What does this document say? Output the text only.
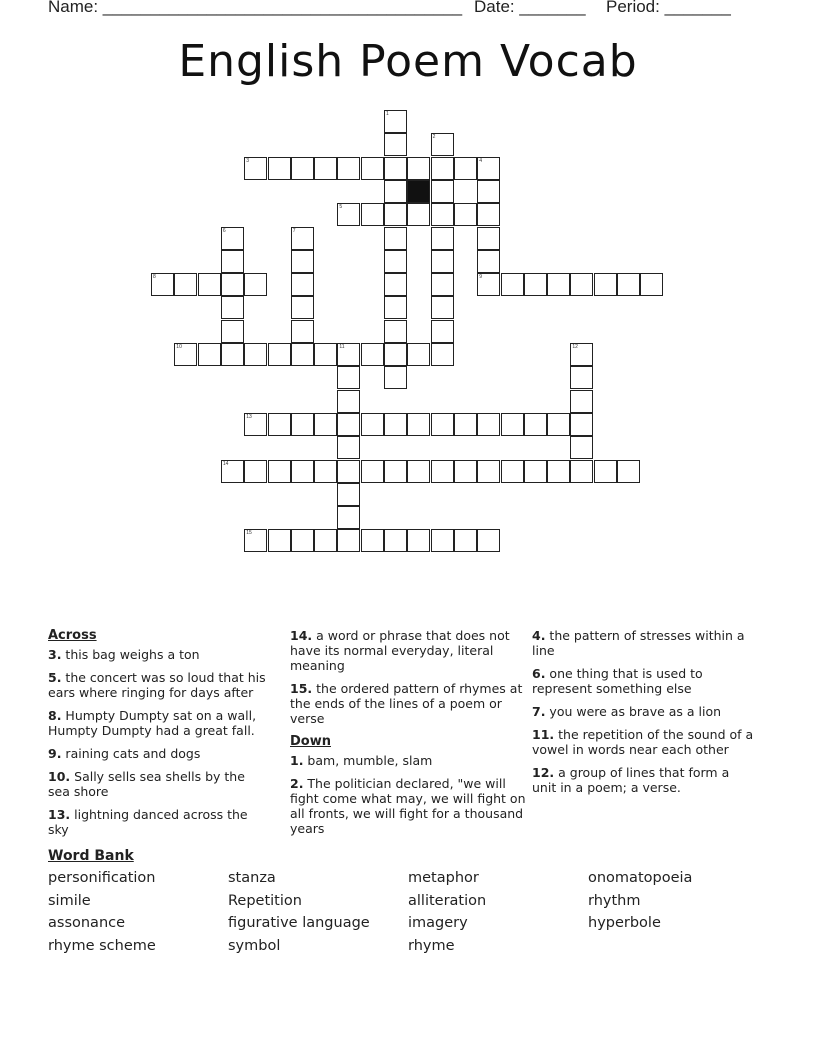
Name: ______________________________________ Date: _______ Period: _______
English Poem Vocab
3
5
8	9
10	11
13
14
15
1
2
4
6	7
12
Across
3. this bag weighs a ton
5. the concert was so loud that his ears where ringing for days after
8. Humpty Dumpty sat on a wall, Humpty Dumpty had a great fall.
9. raining cats and dogs
10. Sally sells sea shells by the sea shore
13. lightning danced across the sky
14. a word or phrase that does not have its normal everyday, literal meaning
15. the ordered pattern of rhymes at the ends of the lines of a poem or verse
Down
1. bam, mumble, slam
2. The politician declared, "we will fight come what may, we will fight on all fronts, we will fight for a thousand years
4. the pattern of stresses within a line
6. one thing that is used to represent something else
7. you were as brave as a lion
11. the repetition of the sound of a vowel in words near each other
12. a group of lines that form a unit in a poem; a verse.
Word Bank
personification	stanza	metaphor	onomatopoeia
simile	Repetition	alliteration	rhythm
assonance	figurative language	imagery	hyperbole
rhyme scheme	symbol	rhyme
